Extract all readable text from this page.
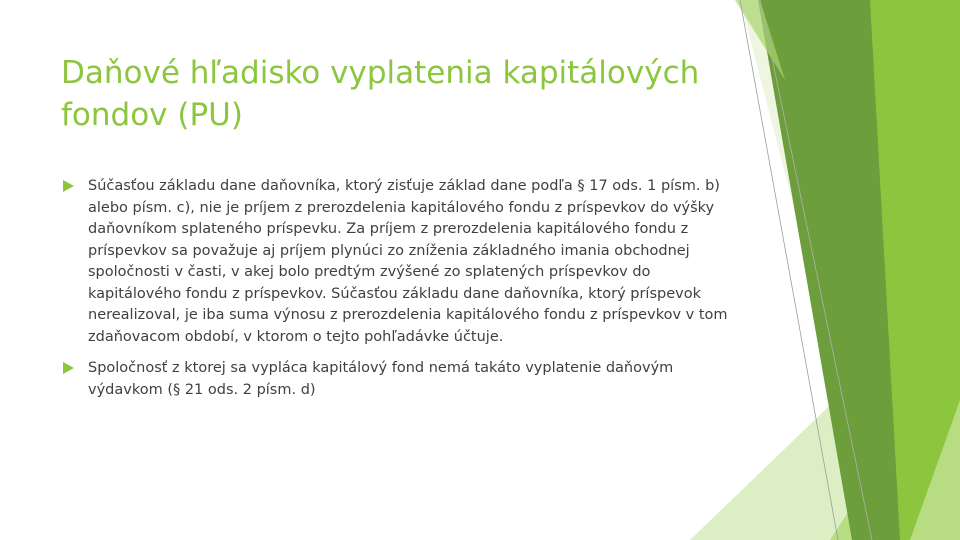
Daňové hľadisko vyplatenia kapitálových fondov (PU)
Súčasťou základu dane daňovníka, ktorý zisťuje základ dane podľa § 17 ods. 1 písm. b) alebo písm. c), nie je príjem z prerozdelenia kapitálového fondu z príspevkov do výšky daňovníkom splateného príspevku. Za príjem z prerozdelenia kapitálového fondu z príspevkov sa považuje aj príjem plynúci zo zníženia základného imania obchodnej spoločnosti v časti, v akej bolo predtým zvýšené zo splatených príspevkov do kapitálového fondu z príspevkov. Súčasťou základu dane daňovníka, ktorý príspevok nerealizoval, je iba suma výnosu z prerozdelenia kapitálového fondu z príspevkov v tom zdaňovacom období, v ktorom o tejto pohľadávke účtuje.
Spoločnosť z ktorej sa vypláca kapitálový fond nemá takáto vyplatenie daňovým výdavkom (§ 21 ods. 2 písm. d)
